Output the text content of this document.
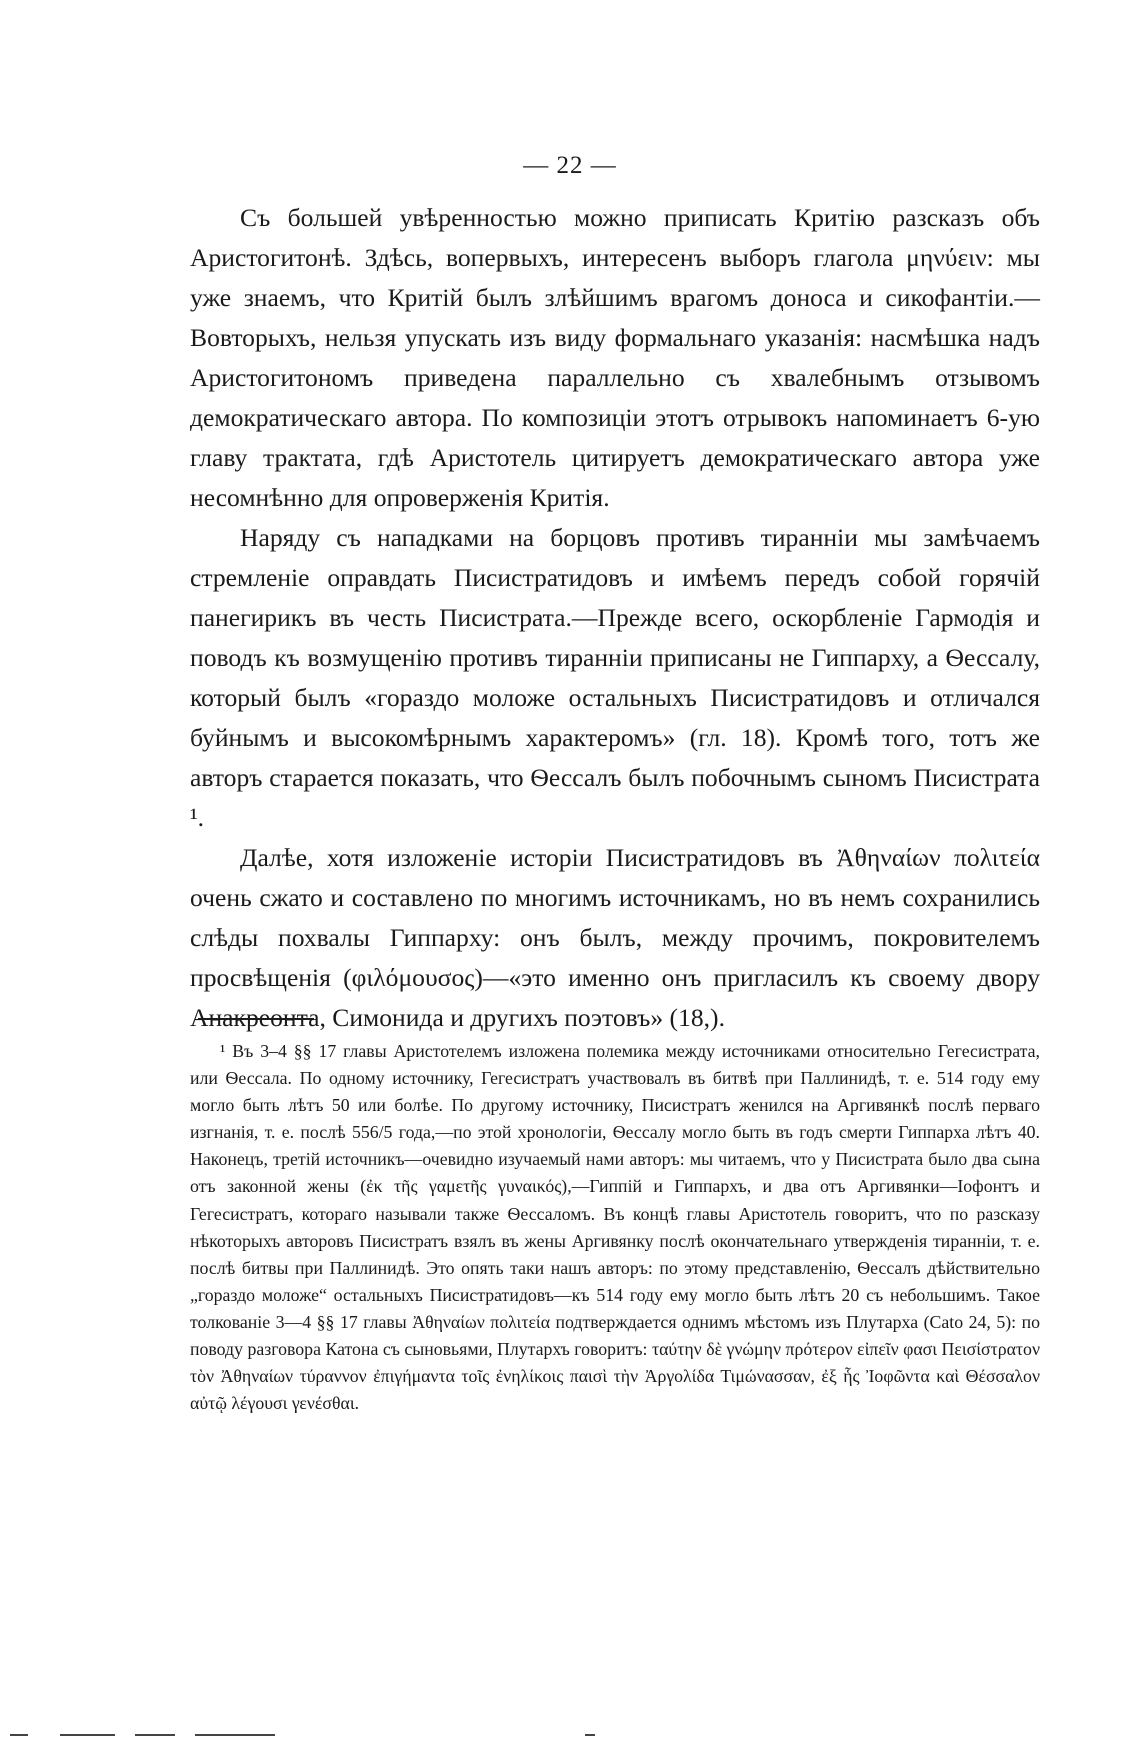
— 22 —

Съ большей увѣренностью можно приписать Критію разсказъ объ Аристогитонѣ. Здѣсь, вопервыхъ, интересенъ выборъ глагола μηνύειν: мы уже знаемъ, что Критій былъ злѣйшимъ врагомъ доноса и сикофантіи.—Вовторыхъ, нельзя упускать изъ виду формальнаго указанія: насмѣшка надъ Аристогитономъ приведена параллельно съ хвалебнымъ отзывомъ демократическаго автора. По композиціи этотъ отрывокъ напоминаетъ 6-ую главу трактата, гдѣ Аристотель цитируетъ демократическаго автора уже несомнѣнно для опроверженія Критія.

Наряду съ нападками на борцовъ противъ тиранніи мы замѣчаемъ стремленіе оправдать Писистратидовъ и имѣемъ передъ собой горячій панегирикъ въ честь Писистрата.—Прежде всего, оскорбленіе Гармодія и поводъ къ возмущенію противъ тиранніи приписаны не Гиппарху, а Ѳессалу, который былъ «гораздо моложе остальныхъ Писистратидовъ и отличался буйнымъ и высокомѣрнымъ характеромъ» (гл. 18). Кромѣ того, тотъ же авторъ старается показать, что Ѳессалъ былъ побочнымъ сыномъ Писистрата ¹.

Далѣе, хотя изложеніе исторіи Писистратидовъ въ Ἀθηναίων πολιτεία очень сжато и составлено по многимъ источникамъ, но въ немъ сохранились слѣды похвалы Гиппарху: онъ былъ, между прочимъ, покровителемъ просвѣщенія (φιλόμουσος)—«это именно онъ пригласилъ къ своему двору Анакреонта, Симонида и другихъ поэтовъ» (18,).

¹ Въ 3–4 §§ 17 главы Аристотелемъ изложена полемика между источниками относительно Гегесистрата, или Ѳессала. По одному источнику, Гегесистратъ участвовалъ въ битвѣ при Паллинидѣ, т. е. 514 году ему могло быть лѣтъ 50 или болѣе. По другому источнику, Писистратъ женился на Аргивянкѣ послѣ перваго изгнанія, т. е. послѣ 556/5 года,—по этой хронологіи, Ѳессалу могло быть въ годъ смерти Гиппарха лѣтъ 40. Наконецъ, третій источникъ—очевидно изучаемый нами авторъ: мы читаемъ, что у Писистрата было два сына отъ законной жены (ἐκ τῆς γαμετῆς γυναικός),—Гиппій и Гиппархъ, и два отъ Аргивянки—Іофонтъ и Гегесистратъ, котораго называли также Ѳессаломъ. Въ концѣ главы Аристотель говоритъ, что по разсказу нѣкоторыхъ авторовъ Писистратъ взялъ въ жены Аргивянку послѣ окончательнаго утвержденія тиранніи, т. е. послѣ битвы при Паллинидѣ. Это опять таки нашъ авторъ: по этому представленію, Ѳессалъ дѣйствительно „гораздо моложе“ остальныхъ Писистратидовъ—къ 514 году ему могло быть лѣтъ 20 съ небольшимъ. Такое толкованіе 3—4 §§ 17 главы Ἀθηναίων πολιτεία подтверждается однимъ мѣстомъ изъ Плутарха (Cato 24, 5): по поводу разговора Катона съ сыновьями, Плутархъ говоритъ: ταύτην δὲ γνώμην πρότερον εἰπεῖν φασι Πεισίστρατον τὸν Ἀθηναίων τύραννον ἐπιγήμαντα τοῖς ἐνηλίκοις παισὶ τὴν Ἀργολίδα Τιμώνασσαν, ἐξ ἧς Ἰοφῶντα καὶ Θέσσαλον αὐτῷ λέγουσι γενέσθαι.
